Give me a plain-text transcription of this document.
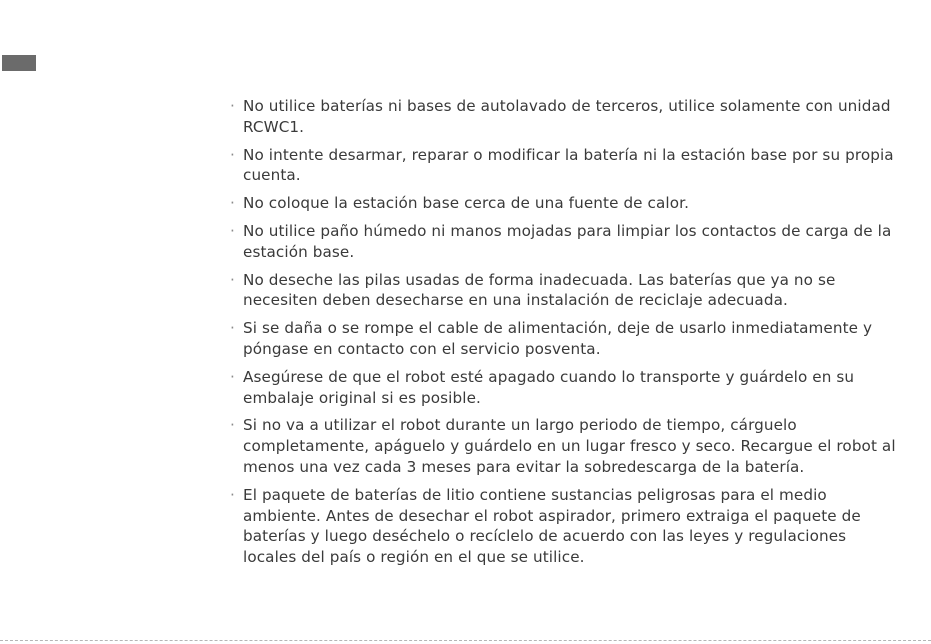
· No utilice baterías ni bases de autolavado de terceros, utilice solamente con unidad RCWC1.
· No intente desarmar, reparar o modificar la batería ni la estación base por su propia cuenta.
· No coloque la estación base cerca de una fuente de calor.
· No utilice paño húmedo ni manos mojadas para limpiar los contactos de carga de la estación base.
· No deseche las pilas usadas de forma inadecuada. Las baterías que ya no se necesiten deben desecharse en una instalación de reciclaje adecuada.
· Si se daña o se rompe el cable de alimentación, deje de usarlo inmediatamente y póngase en contacto con el servicio posventa.
· Asegúrese de que el robot esté apagado cuando lo transporte y guárdelo en su embalaje original si es posible.
· Si no va a utilizar el robot durante un largo periodo de tiempo, cárguelo completamente, apáguelo y guárdelo en un lugar fresco y seco. Recargue el robot al menos una vez cada 3 meses para evitar la sobredescarga de la batería.
· El paquete de baterías de litio contiene sustancias peligrosas para el medio ambiente. Antes de desechar el robot aspirador, primero extraiga el paquete de baterías y luego deséchelo o recíclelo de acuerdo con las leyes y regulaciones locales del país o región en el que se utilice.
